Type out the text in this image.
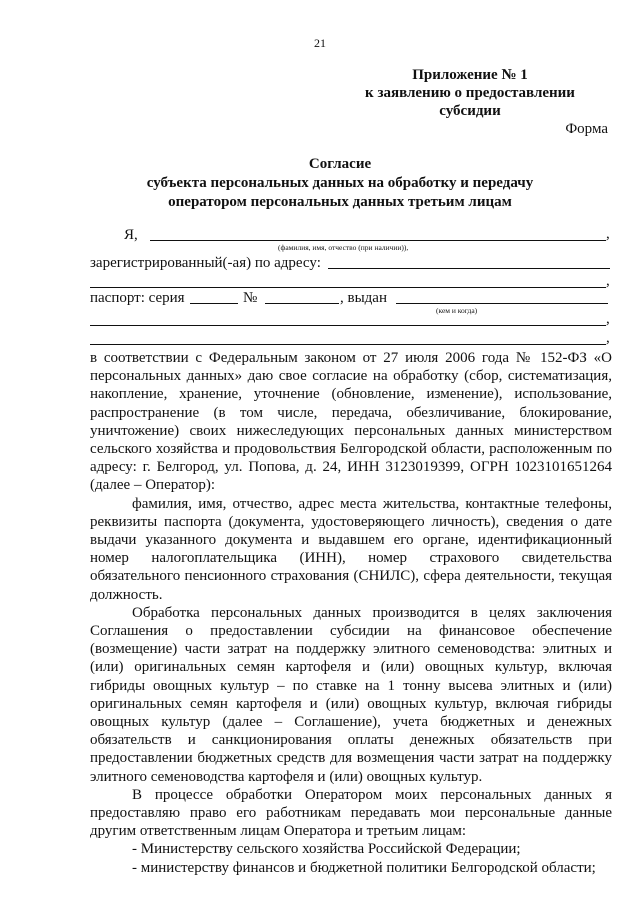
21
Приложение № 1
к заявлению о предоставлении
субсидии
Форма
Согласие
субъекта персональных данных на обработку и передачу
оператором персональных данных третьим лицам
Я,	,
(фамилия, имя, отчество (при наличии)),
зарегистрированный(-ая) по адресу:
,
паспорт: серия	№	, выдан
(кем и когда)
,
,

в соответствии с Федеральным законом от 27 июля 2006 года № 152-ФЗ «О персональных данных» даю свое согласие на обработку (сбор, систематизация, накопление, хранение, уточнение (обновление, изменение), использование, распространение (в том числе, передача, обезличивание, блокирование, уничтожение) своих нижеследующих персональных данных министерством сельского хозяйства и продовольствия Белгородской области, расположенным по адресу: г. Белгород, ул. Попова, д. 24, ИНН 3123019399, ОГРН 1023101651264 (далее – Оператор):

фамилия, имя, отчество, адрес места жительства, контактные телефоны, реквизиты паспорта (документа, удостоверяющего личность), сведения о дате выдачи указанного документа и выдавшем его органе, идентификационный номер налогоплательщика (ИНН), номер страхового свидетельства обязательного пенсионного страхования (СНИЛС), сфера деятельности, текущая должность.

Обработка персональных данных производится в целях заключения Соглашения о предоставлении субсидии на финансовое обеспечение (возмещение) части затрат на поддержку элитного семеноводства: элитных и (или) оригинальных семян картофеля и (или) овощных культур, включая гибриды овощных культур – по ставке на 1 тонну высева элитных и (или) оригинальных семян картофеля и (или) овощных культур, включая гибриды овощных культур (далее – Соглашение), учета бюджетных и денежных обязательств и санкционирования оплаты денежных обязательств при предоставлении бюджетных средств для возмещения части затрат на поддержку элитного семеноводства картофеля и (или) овощных культур.

В процессе обработки Оператором моих персональных данных я предоставляю право его работникам передавать мои персональные данные другим ответственным лицам Оператора и третьим лицам:

- Министерству сельского хозяйства Российской Федерации;

- министерству финансов и бюджетной политики Белгородской области;
